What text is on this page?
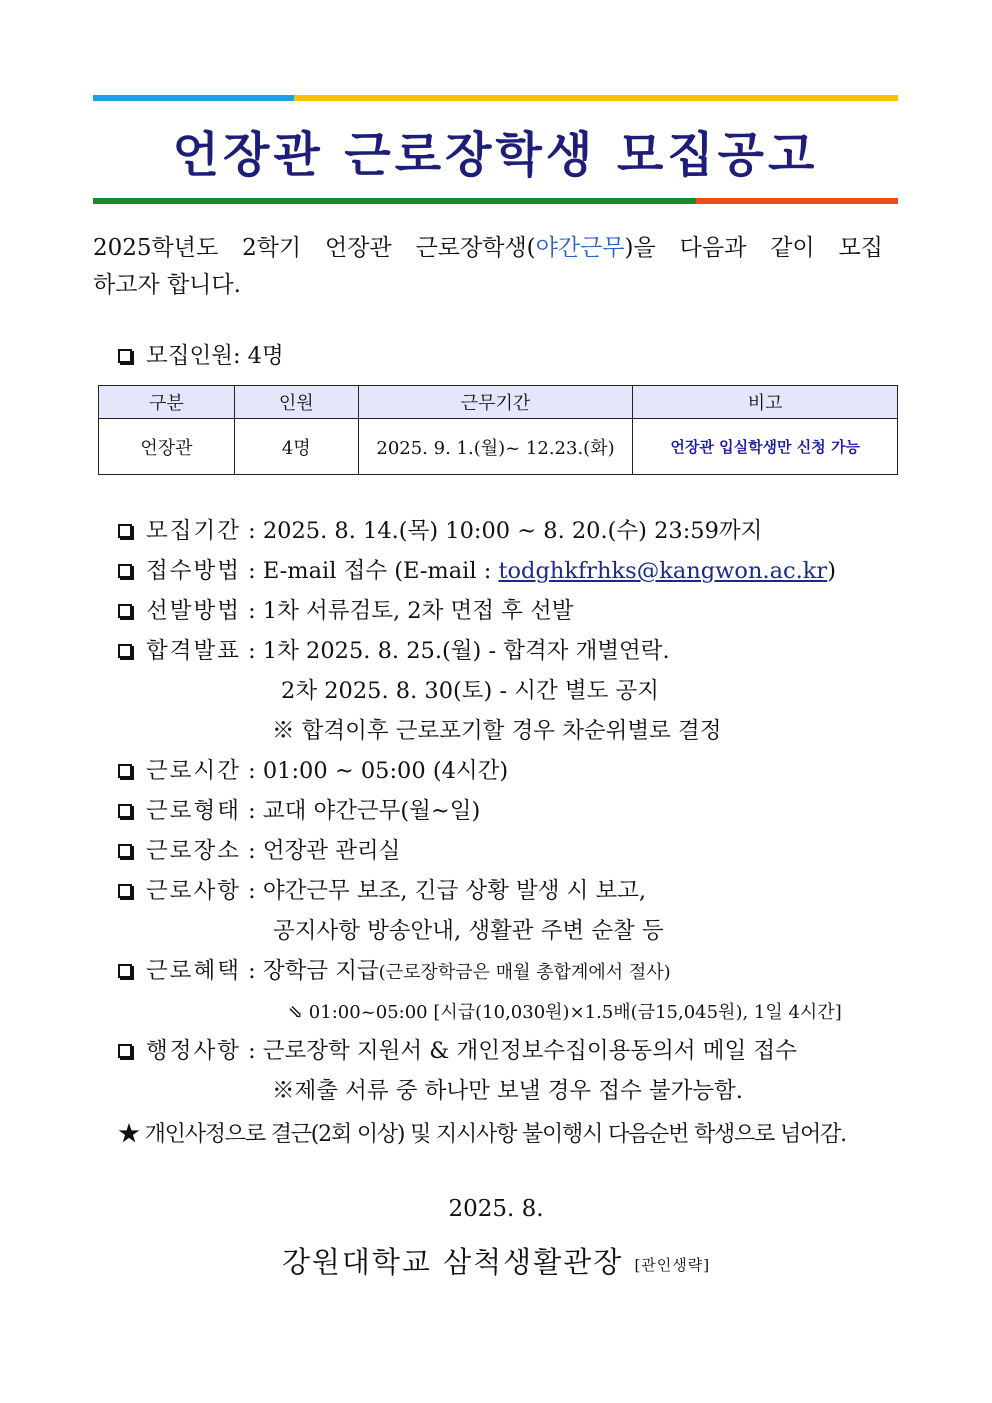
언장관 근로장학생 모집공고
2025학년도 2학기 언장관 근로장학생(야간근무)을 다음과 같이 모집
하고자 합니다.
모집인원: 4명
구분	인원	근무기간	비고
언장관	4명	2025. 9. 1.(월)~ 12.23.(화)	언장관 입실학생만 신청 가능
모집기간 : 2025. 8. 14.(목) 10:00 ~ 8. 20.(수) 23:59까지
접수방법 : E-mail 접수 (E-mail : todghkfrhks@kangwon.ac.kr)
선발방법 : 1차 서류검토, 2차 면접 후 선발
합격발표 : 1차 2025. 8. 25.(월) - 합격자 개별연락.
2차 2025. 8. 30(토) - 시간 별도 공지
※ 합격이후 근로포기할 경우 차순위별로 결정
근로시간 : 01:00 ~ 05:00 (4시간)
근로형태 : 교대 야간근무(월~일)
근로장소 : 언장관 관리실
근로사항 : 야간근무 보조, 긴급 상황 발생 시 보고,
공지사항 방송안내, 생활관 주변 순찰 등
근로혜택 : 장학금 지급(근로장학금은 매월 총합계에서 절사)
⇘ 01:00~05:00 [시급(10,030원)×1.5배(금15,045원), 1일 4시간]
행정사항 : 근로장학 지원서 & 개인정보수집이용동의서 메일 접수
※제출 서류 중 하나만 보낼 경우 접수 불가능함.
★ 개인사정으로 결근(2회 이상) 및 지시사항 불이행시 다음순번 학생으로 넘어감.
2025. 8.
강원대학교 삼척생활관장 [관인생략]
